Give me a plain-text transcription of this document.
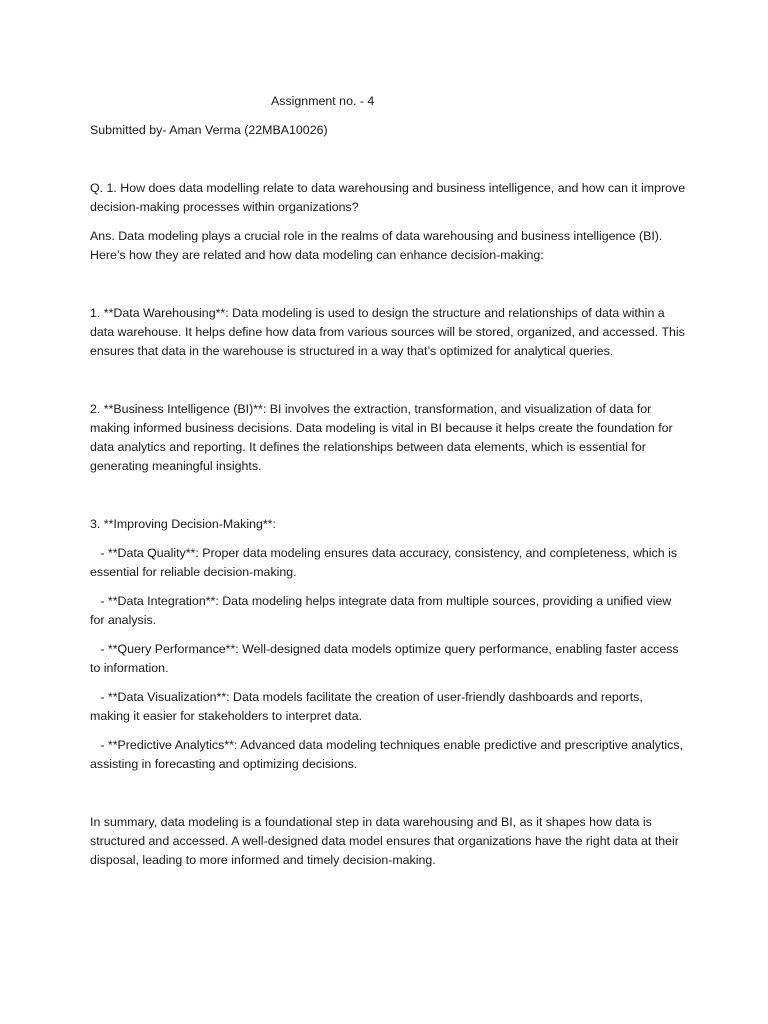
Assignment no. - 4

Submitted by- Aman Verma (22MBA10026)

Q. 1. How does data modelling relate to data warehousing and business intelligence, and how can it improve decision-making processes within organizations?

Ans. Data modeling plays a crucial role in the realms of data warehousing and business intelligence (BI). Here’s how they are related and how data modeling can enhance decision-making:

1. **Data Warehousing**: Data modeling is used to design the structure and relationships of data within a data warehouse. It helps define how data from various sources will be stored, organized, and accessed. This ensures that data in the warehouse is structured in a way that’s optimized for analytical queries.

2. **Business Intelligence (BI)**: BI involves the extraction, transformation, and visualization of data for making informed business decisions. Data modeling is vital in BI because it helps create the foundation for data analytics and reporting. It defines the relationships between data elements, which is essential for generating meaningful insights.

3. **Improving Decision-Making**:

- **Data Quality**: Proper data modeling ensures data accuracy, consistency, and completeness, which is essential for reliable decision-making.

- **Data Integration**: Data modeling helps integrate data from multiple sources, providing a unified view for analysis.

- **Query Performance**: Well-designed data models optimize query performance, enabling faster access to information.

- **Data Visualization**: Data models facilitate the creation of user-friendly dashboards and reports, making it easier for stakeholders to interpret data.

- **Predictive Analytics**: Advanced data modeling techniques enable predictive and prescriptive analytics, assisting in forecasting and optimizing decisions.

In summary, data modeling is a foundational step in data warehousing and BI, as it shapes how data is structured and accessed. A well-designed data model ensures that organizations have the right data at their disposal, leading to more informed and timely decision-making.
